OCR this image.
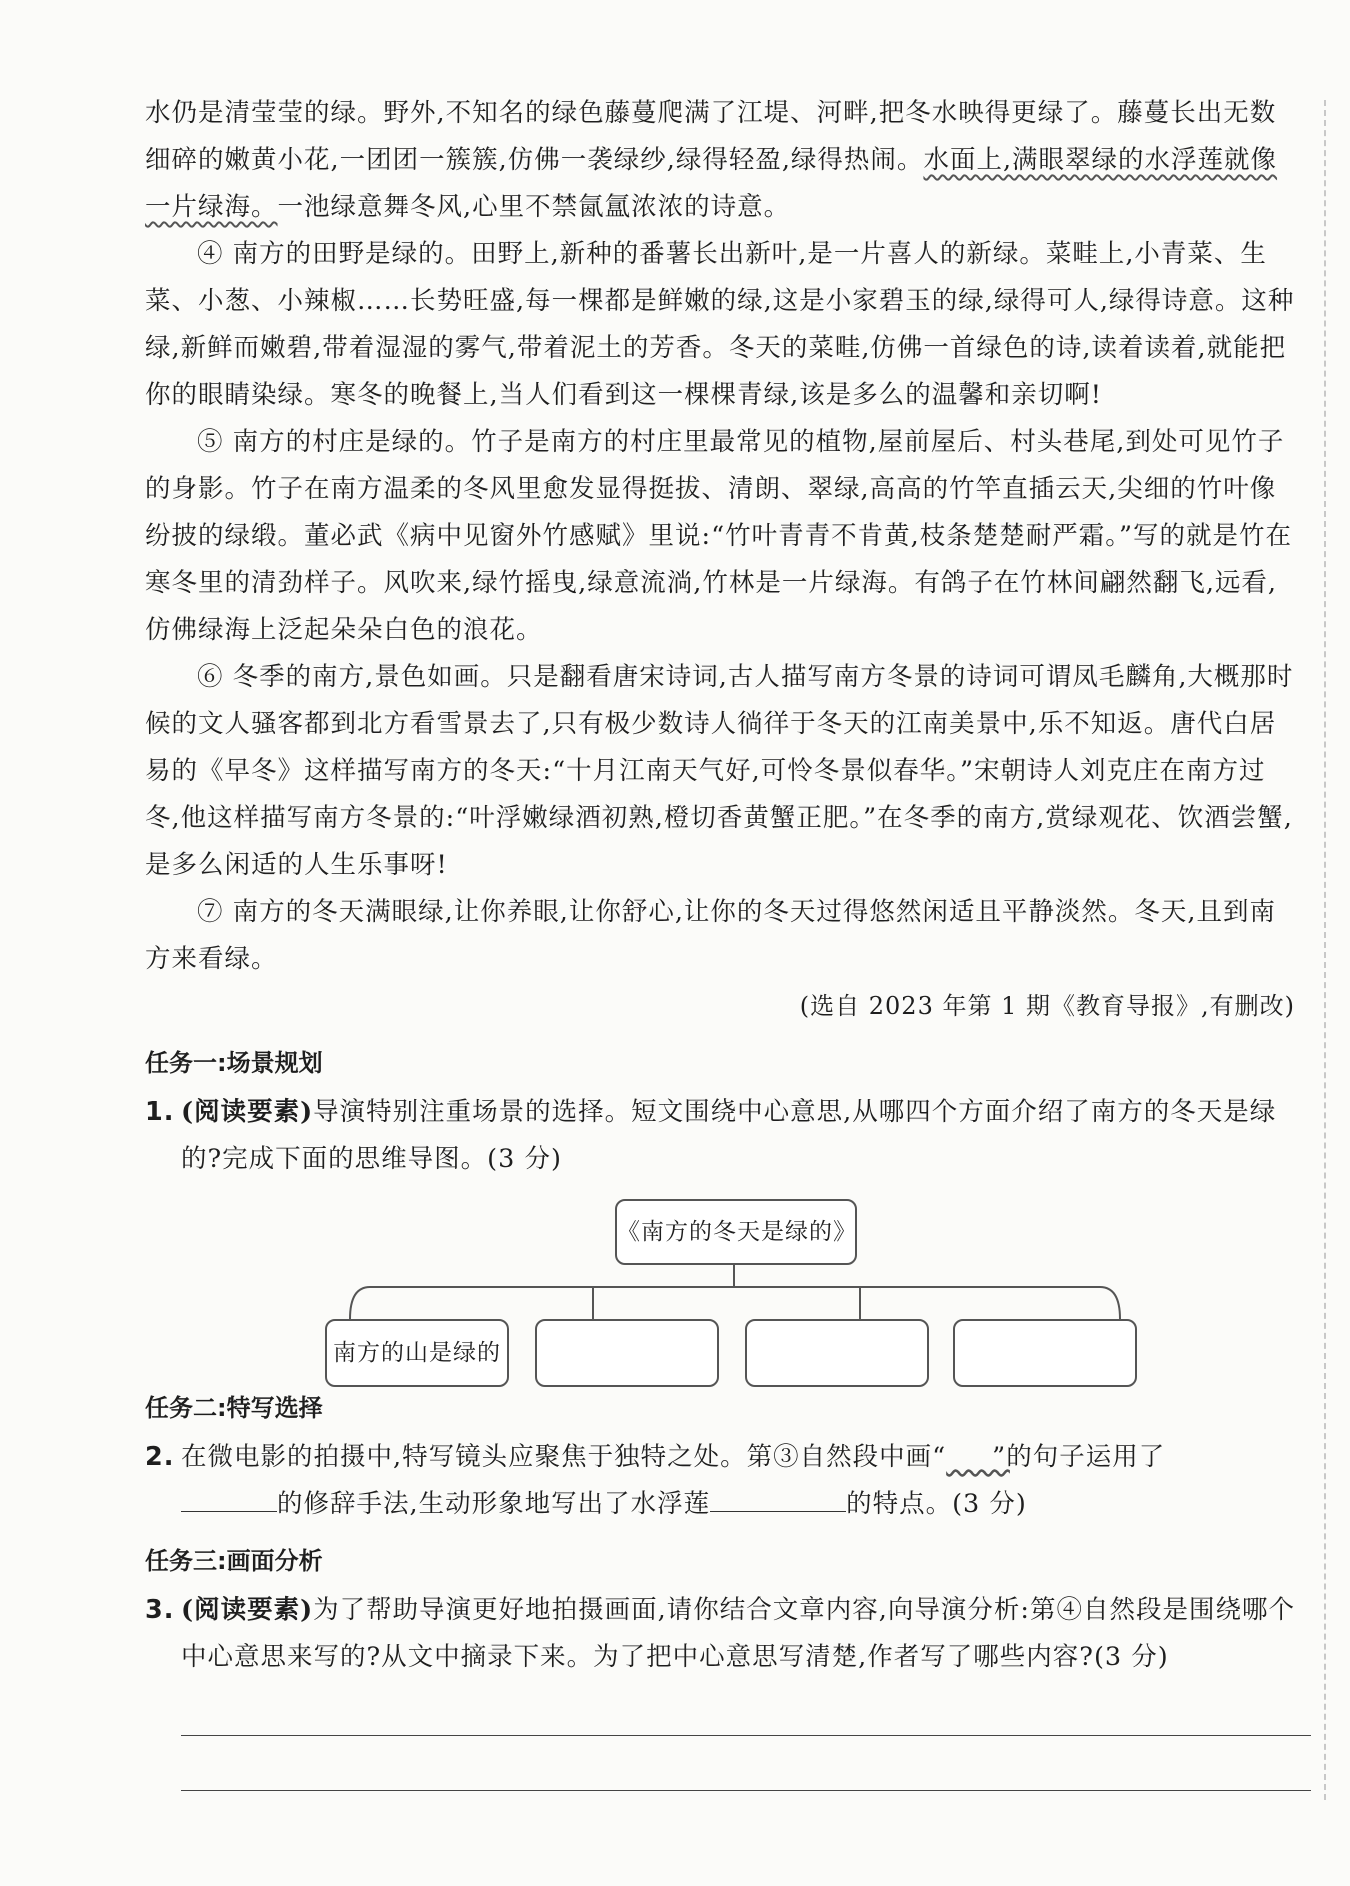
水仍是清莹莹的绿。野外,不知名的绿色藤蔓爬满了江堤、河畔,把冬水映得更绿了。藤蔓长出无数细碎的嫩黄小花,一团团一簇簇,仿佛一袭绿纱,绿得轻盈,绿得热闹。水面上,满眼翠绿的水浮莲就像一片绿海。一池绿意舞冬风,心里不禁氤氲浓浓的诗意。

④ 南方的田野是绿的。田野上,新种的番薯长出新叶,是一片喜人的新绿。菜畦上,小青菜、生菜、小葱、小辣椒……长势旺盛,每一棵都是鲜嫩的绿,这是小家碧玉的绿,绿得可人,绿得诗意。这种绿,新鲜而嫩碧,带着湿湿的雾气,带着泥土的芳香。冬天的菜畦,仿佛一首绿色的诗,读着读着,就能把你的眼睛染绿。寒冬的晚餐上,当人们看到这一棵棵青绿,该是多么的温馨和亲切啊!

⑤ 南方的村庄是绿的。竹子是南方的村庄里最常见的植物,屋前屋后、村头巷尾,到处可见竹子的身影。竹子在南方温柔的冬风里愈发显得挺拔、清朗、翠绿,高高的竹竿直插云天,尖细的竹叶像纷披的绿缎。董必武《病中见窗外竹感赋》里说:“竹叶青青不肯黄,枝条楚楚耐严霜。”写的就是竹在寒冬里的清劲样子。风吹来,绿竹摇曳,绿意流淌,竹林是一片绿海。有鸽子在竹林间翩然翻飞,远看,仿佛绿海上泛起朵朵白色的浪花。

⑥ 冬季的南方,景色如画。只是翻看唐宋诗词,古人描写南方冬景的诗词可谓凤毛麟角,大概那时候的文人骚客都到北方看雪景去了,只有极少数诗人徜徉于冬天的江南美景中,乐不知返。唐代白居易的《早冬》这样描写南方的冬天:“十月江南天气好,可怜冬景似春华。”宋朝诗人刘克庄在南方过冬,他这样描写南方冬景的:“叶浮嫩绿酒初熟,橙切香黄蟹正肥。”在冬季的南方,赏绿观花、饮酒尝蟹,是多么闲适的人生乐事呀!

⑦ 南方的冬天满眼绿,让你养眼,让你舒心,让你的冬天过得悠然闲适且平静淡然。冬天,且到南方来看绿。

(选自 2023 年第 1 期《教育导报》,有删改)

任务一:场景规划
1. (阅读要素)导演特别注重场景的选择。短文围绕中心意思,从哪四个方面介绍了南方的冬天是绿的?完成下面的思维导图。(3 分)
《南方的冬天是绿的》
南方的山是绿的
任务二:特写选择
2. 在微电影的拍摄中,特写镜头应聚焦于独特之处。第③自然段中画“ ”的句子运用了
的修辞手法,生动形象地写出了水浮莲	的特点。(3 分)
任务三:画面分析
3. (阅读要素)为了帮助导演更好地拍摄画面,请你结合文章内容,向导演分析:第④自然段是围绕哪个中心意思来写的?从文中摘录下来。为了把中心意思写清楚,作者写了哪些内容?(3 分)
